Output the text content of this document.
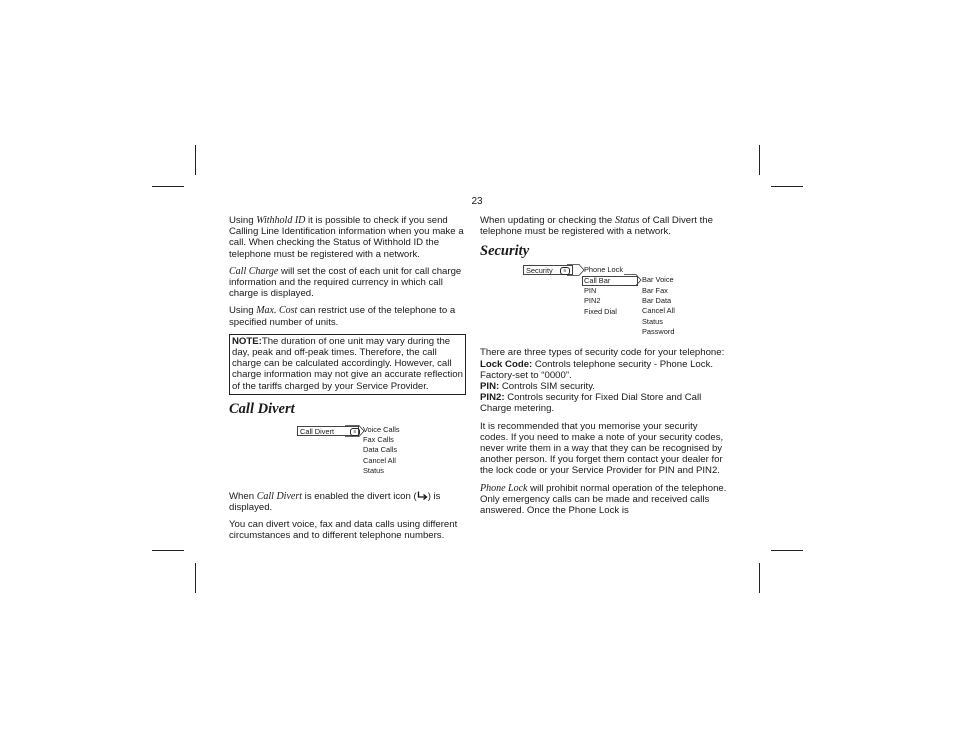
23

Using Withhold ID it is possible to check if you send Calling Line Identification information when you make a call. When checking the Status of Withhold ID the telephone must be registered with a network.

Call Charge will set the cost of each unit for call charge information and the required currency in which call charge is displayed.

Using Max. Cost can restrict use of the telephone to a specified number of units.

NOTE:The duration of one unit may vary during the day, peak and off-peak times. Therefore, the call charge can be calculated accordingly. However, call charge information may not give an accurate reflection of the tariffs charged by your Service Provider.
Call Divert
Call Divert	≡ Voice Calls
Fax Calls
Data Calls
Cancel All
Status

When Call Divert is enabled the divert icon ( ) is displayed.

You can divert voice, fax and data calls using different circumstances and to different telephone numbers.

When updating or checking the Status of Call Divert the telephone must be registered with a network.

Security
Security	≡	Phone Lock
Call Bar
PIN
PIN2
Fixed Dial
Bar Voice
Bar Fax
Bar Data
Cancel All
Status
Password

There are three types of security code for your telephone:

Lock Code: Controls telephone security - Phone Lock. Factory-set to “0000”.
PIN: Controls SIM security.

PIN2: Controls security for Fixed Dial Store and Call Charge metering.

It is recommended that you memorise your security codes. If you need to make a note of your security codes, never write them in a way that they can be recognised by another person. If you forget them contact your dealer for the lock code or your Service Provider for PIN and PIN2.

Phone Lock will prohibit normal operation of the telephone. Only emergency calls can be made and received calls answered. Once the Phone Lock is
